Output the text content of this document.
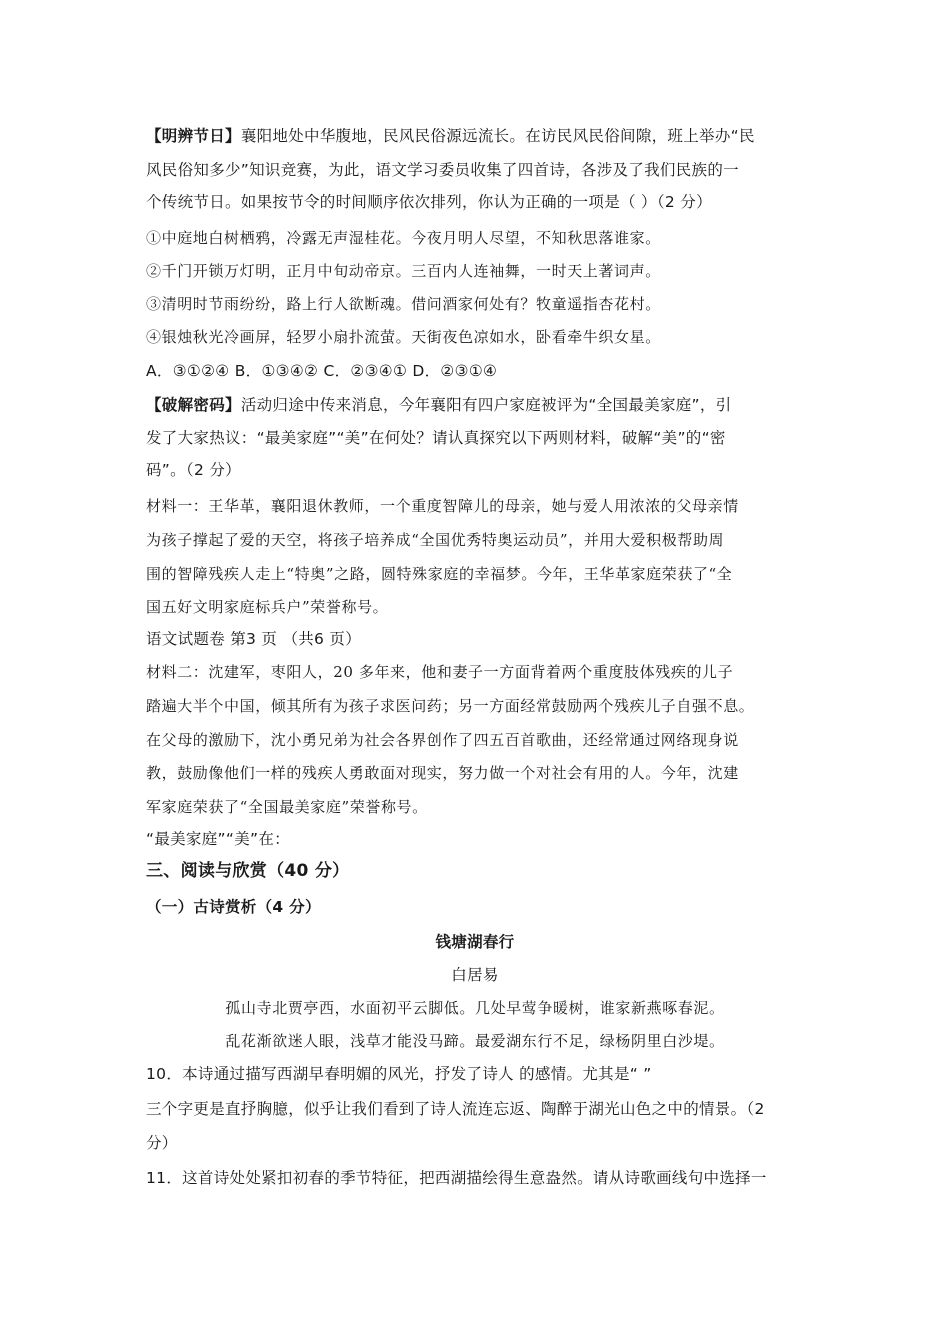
【明辨节日】襄阳地处中华腹地，民风民俗源远流长。在访民风民俗间隙，班上举办“民

风民俗知多少”知识竞赛，为此，语文学习委员收集了四首诗，各涉及了我们民族的一

个传统节日。如果按节令的时间顺序依次排列，你认为正确的一项是（ ）（2 分）

①中庭地白树栖鸦，冷露无声湿桂花。今夜月明人尽望，不知秋思落谁家。

②千门开锁万灯明，正月中旬动帝京。三百内人连袖舞，一时天上著词声。

③清明时节雨纷纷，路上行人欲断魂。借问酒家何处有？牧童遥指杏花村。

④银烛秋光冷画屏，轻罗小扇扑流萤。天街夜色凉如水，卧看牵牛织女星。

A．③①②④ B．①③④② C．②③④① D．②③①④

【破解密码】活动归途中传来消息，今年襄阳有四户家庭被评为“全国最美家庭”，引

发了大家热议：“最美家庭”“美”在何处？请认真探究以下两则材料，破解“美”的“密

码”。（2 分）

材料一：王华革，襄阳退休教师，一个重度智障儿的母亲，她与爱人用浓浓的父母亲情

为孩子撑起了爱的天空，将孩子培养成“全国优秀特奥运动员”，并用大爱积极帮助周

围的智障残疾人走上“特奥”之路，圆特殊家庭的幸福梦。今年，王华革家庭荣获了“全

国五好文明家庭标兵户”荣誉称号。

语文试题卷 第3 页 （共6 页）

材料二：沈建军，枣阳人，20 多年来，他和妻子一方面背着两个重度肢体残疾的儿子

踏遍大半个中国，倾其所有为孩子求医问药；另一方面经常鼓励两个残疾儿子自强不息。

在父母的激励下，沈小勇兄弟为社会各界创作了四五百首歌曲，还经常通过网络现身说

教，鼓励像他们一样的残疾人勇敢面对现实，努力做一个对社会有用的人。今年，沈建

军家庭荣获了“全国最美家庭”荣誉称号。

“最美家庭”“美”在：

三、阅读与欣赏（40 分）

（一）古诗赏析（4 分）

钱塘湖春行

白居易

孤山寺北贾亭西，水面初平云脚低。几处早莺争暖树，谁家新燕啄春泥。

乱花渐欲迷人眼，浅草才能没马蹄。最爱湖东行不足，绿杨阴里白沙堤。

10．本诗通过描写西湖早春明媚的风光，抒发了诗人 的感情。尤其是“ ”

三个字更是直抒胸臆，似乎让我们看到了诗人流连忘返、陶醉于湖光山色之中的情景。（2

分）

11．这首诗处处紧扣初春的季节特征，把西湖描绘得生意盎然。请从诗歌画线句中选择一
